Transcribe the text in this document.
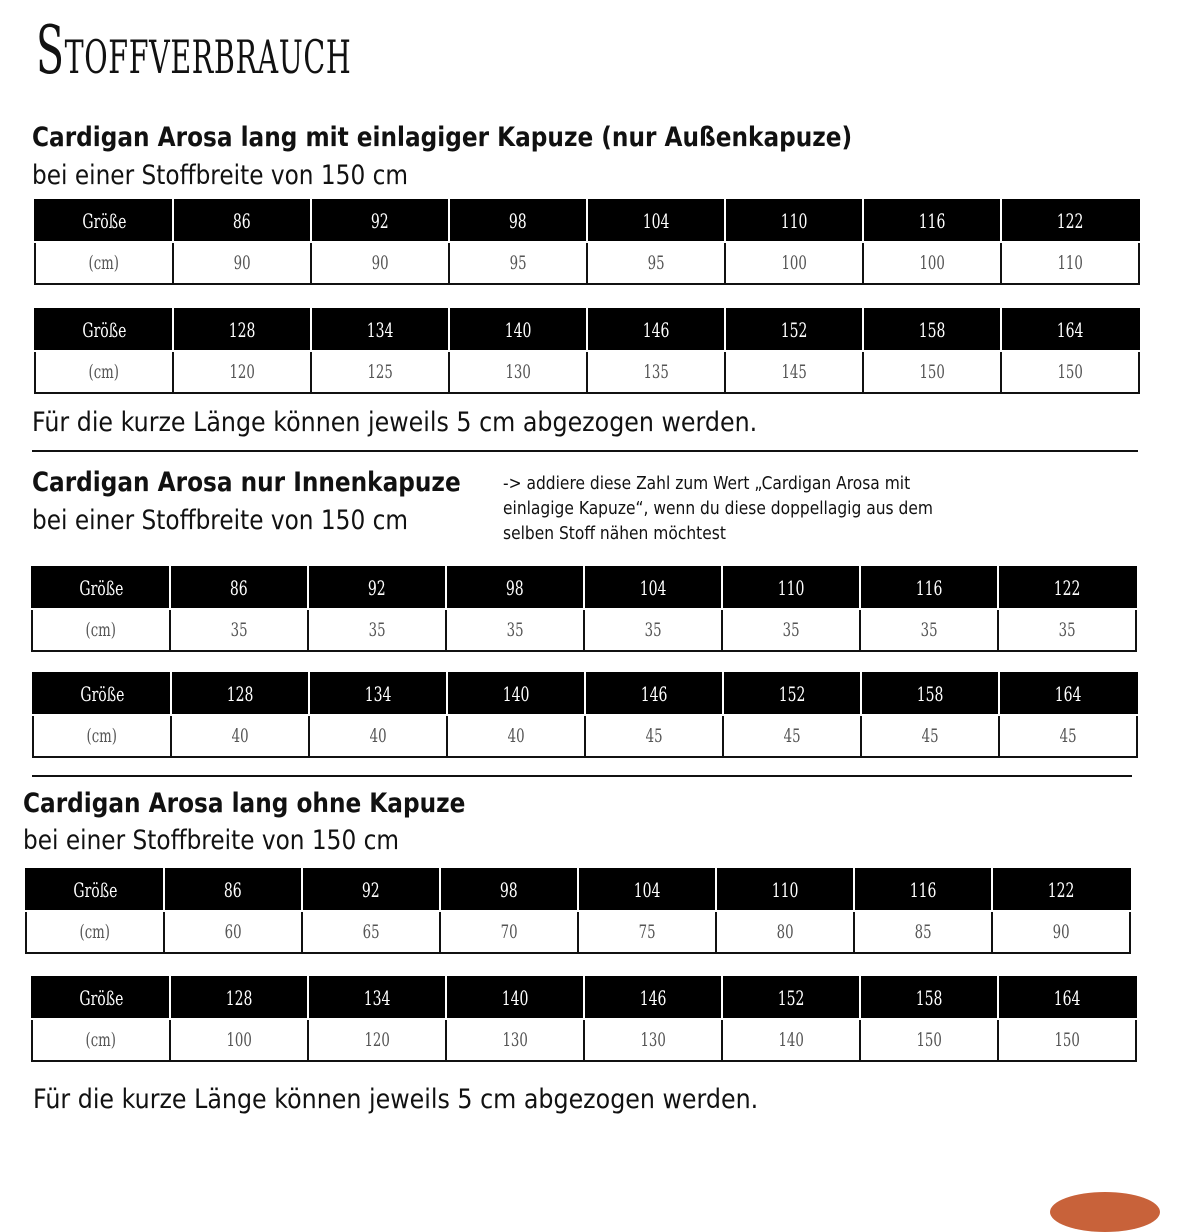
Stoffverbrauch
Cardigan Arosa lang mit einlagiger Kapuze (nur Außenkapuze)
bei einer Stoffbreite von 150 cm
Größe	86	92	98	104	110	116	122
(cm)	90	90	95	95	100	100	110
Größe	128	134	140	146	152	158	164
(cm)	120	125	130	135	145	150	150
Für die kurze Länge können jeweils 5 cm abgezogen werden.
Cardigan Arosa nur Innenkapuze
bei einer Stoffbreite von 150 cm
-> addiere diese Zahl zum Wert „Cardigan Arosa mit
einlagige Kapuze“, wenn du diese doppellagig aus dem
selben Stoff nähen möchtest
Größe	86	92	98	104	110	116	122
(cm)	35	35	35	35	35	35	35
Größe	128	134	140	146	152	158	164
(cm)	40	40	40	45	45	45	45
Cardigan Arosa lang ohne Kapuze
bei einer Stoffbreite von 150 cm
Größe	86	92	98	104	110	116	122
(cm)	60	65	70	75	80	85	90
Größe	128	134	140	146	152	158	164
(cm)	100	120	130	130	140	150	150
Für die kurze Länge können jeweils 5 cm abgezogen werden.
